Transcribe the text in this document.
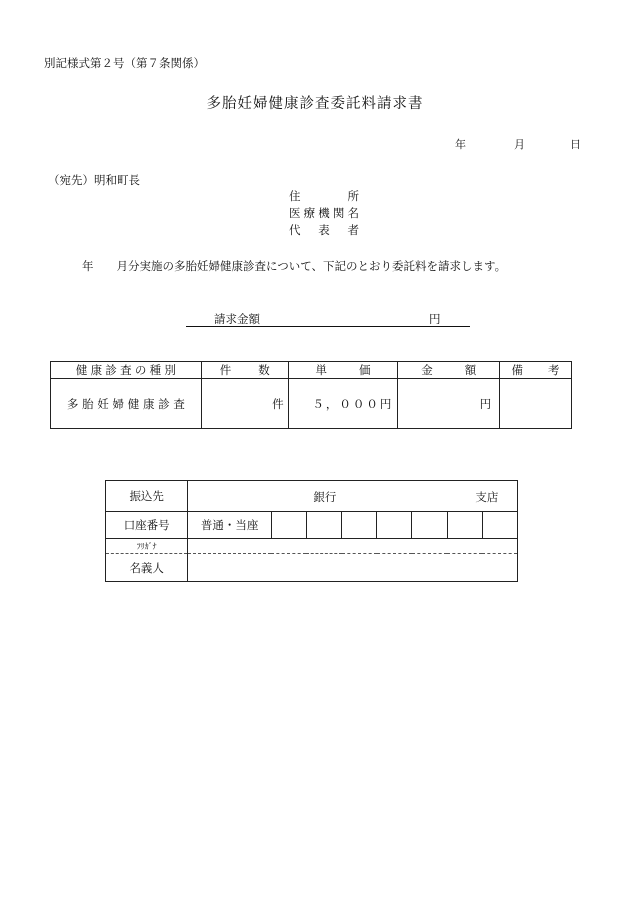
別記様式第２号（第７条関係）
多胎妊婦健康診査委託料請求書
年	月	日
（宛先）明和町長
住所
医療機関名
代表者
年　　月分実施の多胎妊婦健康診査について、下記のとおり委託料を請求します。
請求金額	円
健康診査の種別	件数	単価	金額	備考
多胎妊婦健康診査	件	５，０００円	円	
振込先	銀行 支店							

口座番号	普通・当座							
ﾌﾘｶﾞﾅ								
名義人								
